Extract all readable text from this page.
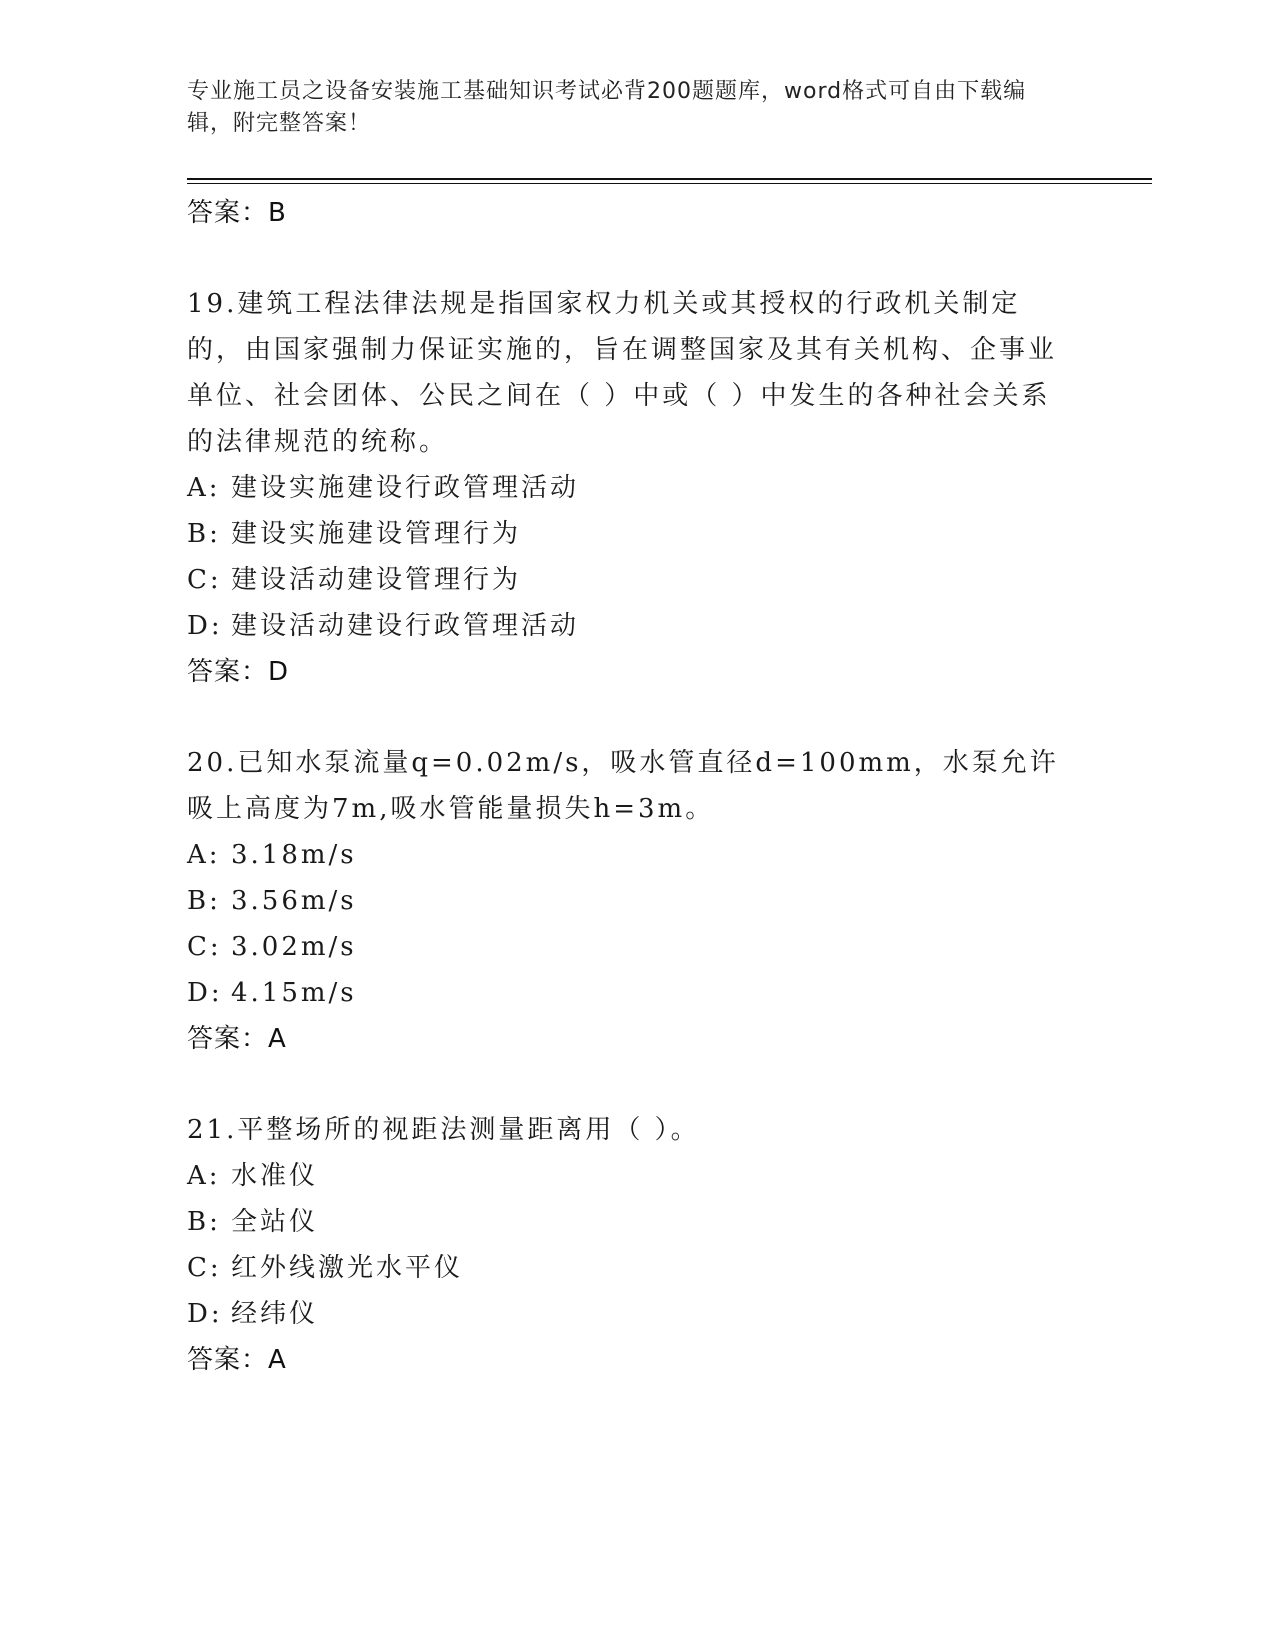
专业施工员之设备安装施工基础知识考试必背200题题库，word格式可自由下载编辑，附完整答案！
答案：B
19.建筑工程法律法规是指国家权力机关或其授权的行政机关制定的，由国家强制力保证实施的，旨在调整国家及其有关机构、企事业单位、社会团体、公民之间在（ ）中或（ ）中发生的各种社会关系的法律规范的统称。
A: 建设实施建设行政管理活动
B: 建设实施建设管理行为
C: 建设活动建设管理行为
D: 建设活动建设行政管理活动
答案：D
20.已知水泵流量q=0.02m/s，吸水管直径d=100mm，水泵允许吸上高度为7m,吸水管能量损失h=3m。
A: 3.18m/s
B: 3.56m/s
C: 3.02m/s
D: 4.15m/s
答案：A
21.平整场所的视距法测量距离用（ ）。
A: 水准仪
B: 全站仪
C: 红外线激光水平仪
D: 经纬仪
答案：A
